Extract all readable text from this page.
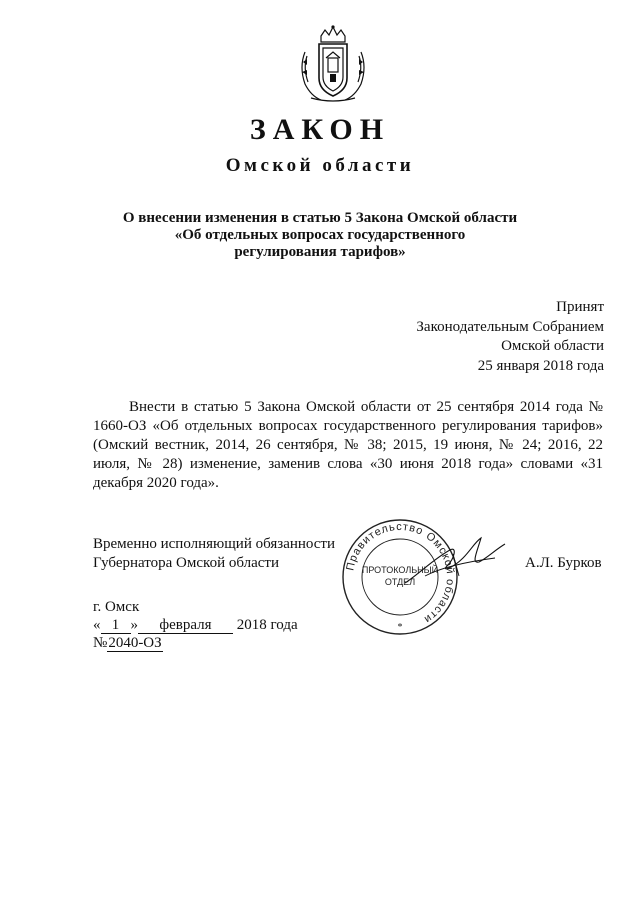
ЗАКОН
Омской области
О внесении изменения в статью 5 Закона Омской области
«Об отдельных вопросах государственного
регулирования тарифов»
Принят
Законодательным Собранием
Омской области
25 января 2018 года

Внести в статью 5 Закона Омской области от 25 сентября 2014 года № 1660-ОЗ «Об отдельных вопросах государственного регулирования тарифов» (Омский вестник, 2014, 26 сентября, № 38; 2015, 19 июня, № 24; 2016, 22 июля, № 28) изменение, заменив слова «30 июня 2018 года» словами «31 декабря 2020 года».

Временно исполняющий обязанности
Губернатора Омской области	Правительство Омской области
ПРОТОКОЛЬНЫЙ
ОТДЕЛ
*
А.Л. Бурков
г. Омск
« 1 » февраля 2018 года
№2040-ОЗ
